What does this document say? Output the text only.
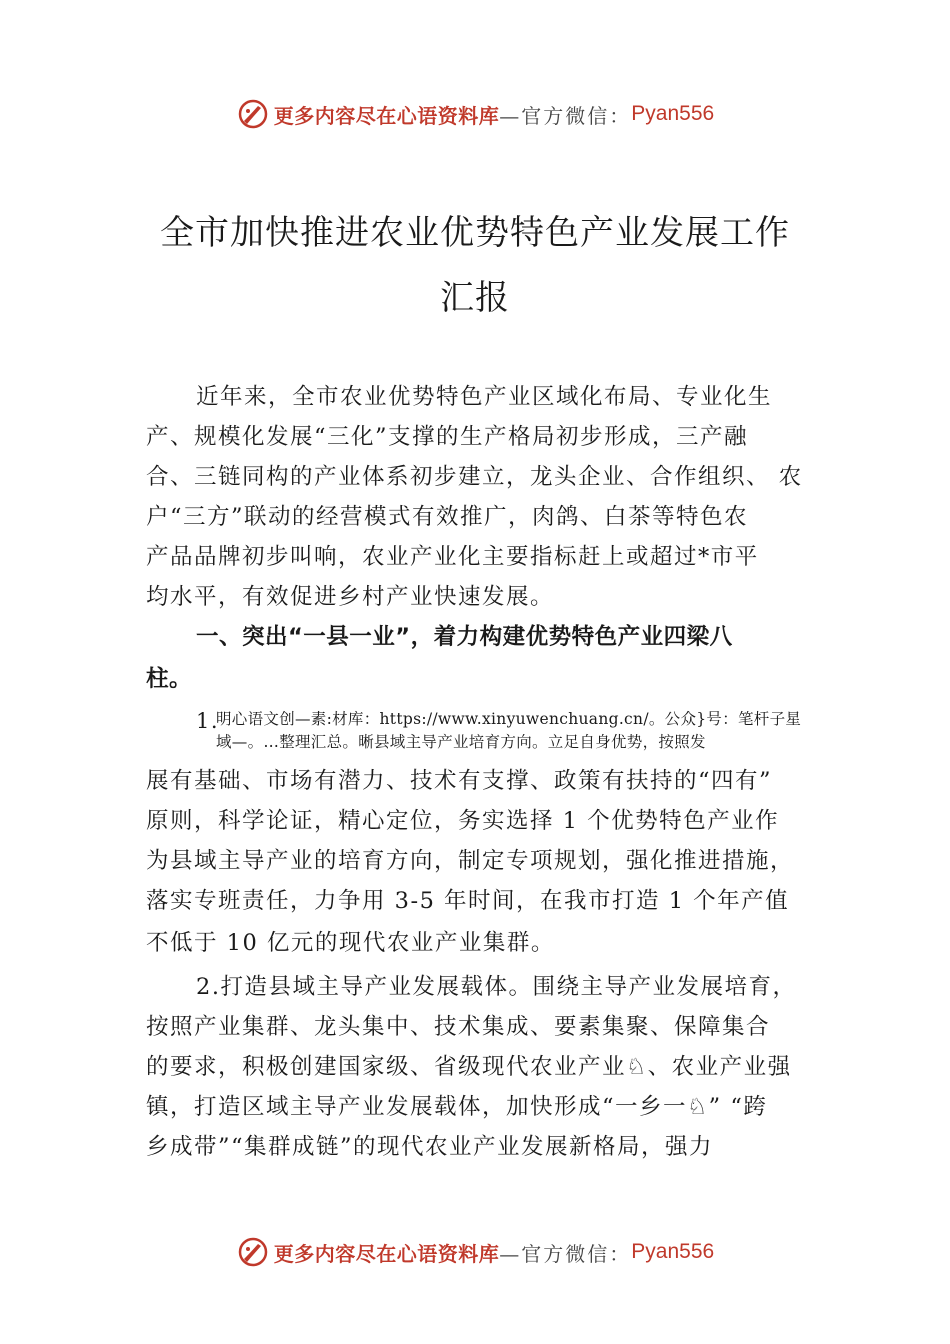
更多内容尽在心语资料库 —官方微信： Pyan556
全市加快推进农业优势特色产业发展工作
汇报
近年来，全市农业优势特色产业区域化布局、专业化生
产、规模化发展“三化”支撑的生产格局初步形成，三产融
合、三链同构的产业体系初步建立，龙头企业、合作组织、 农
户“三方”联动的经营模式有效推广，肉鸽、白茶等特色农
产品品牌初步叫响，农业产业化主要指标赶上或超过*市平
均水平，有效促进乡村产业快速发展。
一、突出“一县一业”，着力构建优势特色产业四梁八
柱。
1.
明心语文创—素:材库：https://www.xinyuwenchuang.cn/。公众}号：笔杆子星
域—。…整理汇总。晰县域主导产业培育方向。立足自身优势，按照发
展有基础、市场有潜力、技术有支撑、政策有扶持的“四有”
原则，科学论证，精心定位，务实选择 1 个优势特色产业作
为县域主导产业的培育方向，制定专项规划，强化推进措施，
落实专班责任，力争用 3-5 年时间，在我市打造 1 个年产值
不低于 10 亿元的现代农业产业集群。
2.打造县域主导产业发展载体。围绕主导产业发展培育，
按照产业集群、龙头集中、技术集成、要素集聚、保障集合
的要求，积极创建国家级、省级现代农业产业♘、农业产业强
镇，打造区域主导产业发展载体，加快形成“一乡一♘” “跨
乡成带”“集群成链”的现代农业产业发展新格局，强力
更多内容尽在心语资料库 —官方微信： Pyan556
